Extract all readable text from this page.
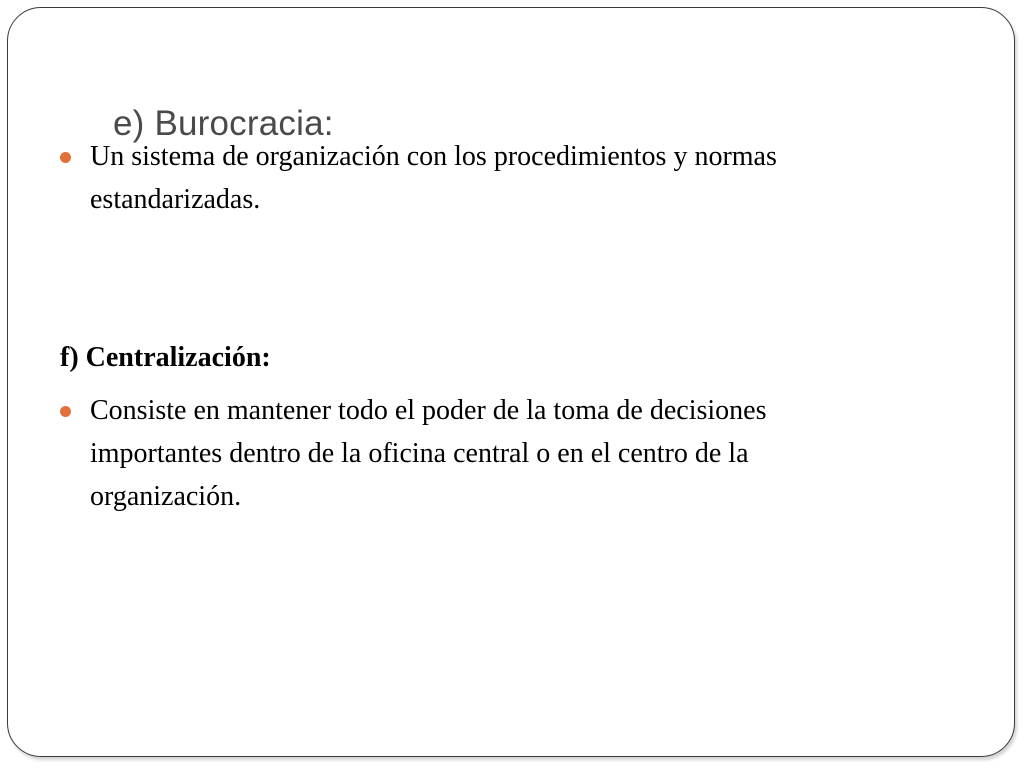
Un sistema de organización con los procedimientos y normas
estandarizadas.

f) Centralización:

Consiste en mantener todo el poder de la toma de decisiones
importantes dentro de la oficina central o en el centro de la
organización.

e) Burocracia:
